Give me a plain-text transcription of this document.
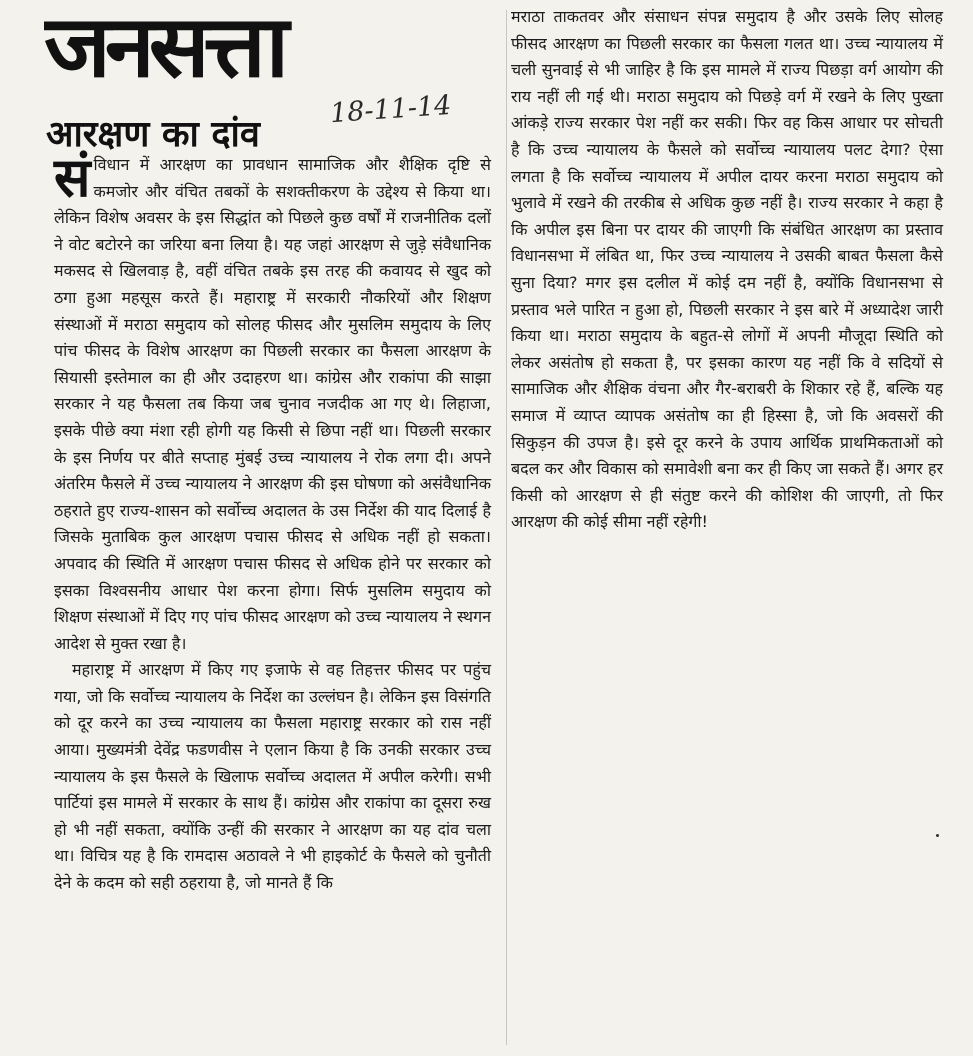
जनसत्ता
18-11-14
आरक्षण का दांव

संविधान में आरक्षण का प्रावधान सामाजिक और शैक्षिक दृष्टि से कमजोर और वंचित तबकों के सशक्तीकरण के उद्देश्य से किया था। लेकिन विशेष अवसर के इस सिद्धांत को पिछले कुछ वर्षों में राजनीतिक दलों ने वोट बटोरने का जरिया बना लिया है। यह जहां आरक्षण से जुड़े संवैधानिक मकसद से खिलवाड़ है, वहीं वंचित तबके इस तरह की कवायद से खुद को ठगा हुआ महसूस करते हैं। महाराष्ट्र में सरकारी नौकरियों और शिक्षण संस्थाओं में मराठा समुदाय को सोलह फीसद और मुसलिम समुदाय के लिए पांच फीसद के विशेष आरक्षण का पिछली सरकार का फैसला आरक्षण के सियासी इस्तेमाल का ही और उदाहरण था। कांग्रेस और राकांपा की साझा सरकार ने यह फैसला तब किया जब चुनाव नजदीक आ गए थे। लिहाजा, इसके पीछे क्या मंशा रही होगी यह किसी से छिपा नहीं था। पिछली सरकार के इस निर्णय पर बीते सप्ताह मुंबई उच्च न्यायालय ने रोक लगा दी। अपने अंतरिम फैसले में उच्च न्यायालय ने आरक्षण की इस घोषणा को असंवैधानिक ठहराते हुए राज्य-शासन को सर्वोच्च अदालत के उस निर्देश की याद दिलाई है जिसके मुताबिक कुल आरक्षण पचास फीसद से अधिक नहीं हो सकता। अपवाद की स्थिति में आरक्षण पचास फीसद से अधिक होने पर सरकार को इसका विश्वसनीय आधार पेश करना होगा। सिर्फ मुसलिम समुदाय को शिक्षण संस्थाओं में दिए गए पांच फीसद आरक्षण को उच्च न्यायालय ने स्थगन आदेश से मुक्त रखा है।

महाराष्ट्र में आरक्षण में किए गए इजाफे से वह तिहत्तर फीसद पर पहुंच गया, जो कि सर्वोच्च न्यायालय के निर्देश का उल्लंघन है। लेकिन इस विसंगति को दूर करने का उच्च न्यायालय का फैसला महाराष्ट्र सरकार को रास नहीं आया। मुख्यमंत्री देवेंद्र फडणवीस ने एलान किया है कि उनकी सरकार उच्च न्यायालय के इस फैसले के खिलाफ सर्वोच्च अदालत में अपील करेगी। सभी पार्टियां इस मामले में सरकार के साथ हैं। कांग्रेस और राकांपा का दूसरा रुख हो भी नहीं सकता, क्योंकि उन्हीं की सरकार ने आरक्षण का यह दांव चला था। विचित्र यह है कि रामदास अठावले ने भी हाइकोर्ट के फैसले को चुनौती देने के कदम को सही ठहराया है, जो मानते हैं कि

मराठा ताकतवर और संसाधन संपन्न समुदाय है और उसके लिए सोलह फीसद आरक्षण का पिछली सरकार का फैसला गलत था। उच्च न्यायालय में चली सुनवाई से भी जाहिर है कि इस मामले में राज्य पिछड़ा वर्ग आयोग की राय नहीं ली गई थी। मराठा समुदाय को पिछड़े वर्ग में रखने के लिए पुख्ता आंकड़े राज्य सरकार पेश नहीं कर सकी। फिर वह किस आधार पर सोचती है कि उच्च न्यायालय के फैसले को सर्वोच्च न्यायालय पलट देगा? ऐसा लगता है कि सर्वोच्च न्यायालय में अपील दायर करना मराठा समुदाय को भुलावे में रखने की तरकीब से अधिक कुछ नहीं है। राज्य सरकार ने कहा है कि अपील इस बिना पर दायर की जाएगी कि संबंधित आरक्षण का प्रस्ताव विधानसभा में लंबित था, फिर उच्च न्यायालय ने उसकी बाबत फैसला कैसे सुना दिया? मगर इस दलील में कोई दम नहीं है, क्योंकि विधानसभा से प्रस्ताव भले पारित न हुआ हो, पिछली सरकार ने इस बारे में अध्यादेश जारी किया था। मराठा समुदाय के बहुत-से लोगों में अपनी मौजूदा स्थिति को लेकर असंतोष हो सकता है, पर इसका कारण यह नहीं कि वे सदियों से सामाजिक और शैक्षिक वंचना और गैर-बराबरी के शिकार रहे हैं, बल्कि यह समाज में व्याप्त व्यापक असंतोष का ही हिस्सा है, जो कि अवसरों की सिकुड़न की उपज है। इसे दूर करने के उपाय आर्थिक प्राथमिकताओं को बदल कर और विकास को समावेशी बना कर ही किए जा सकते हैं। अगर हर किसी को आरक्षण से ही संतुष्ट करने की कोशिश की जाएगी, तो फिर आरक्षण की कोई सीमा नहीं रहेगी!
